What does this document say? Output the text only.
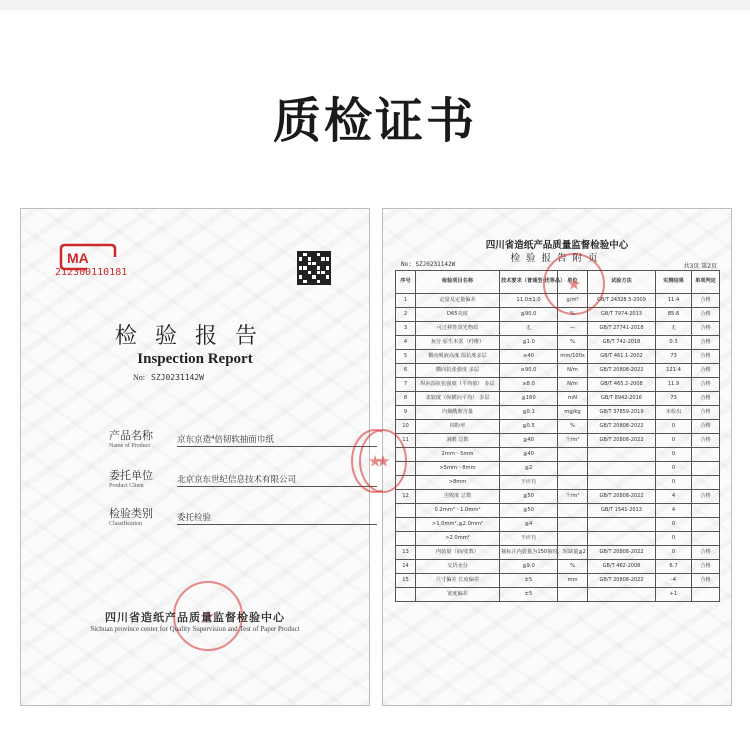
质检证书
MA
212300110181
检验报告
Inspection Report
No: SZJ0231142W
产品名称
Name of Product
京东京造⁴倍韧软抽面巾纸
委托单位
Product Client
北京京东世纪信息技术有限公司
检验类别
Classification
委托检验
★
★
四川省造纸产品质量监督检验中心
Sichuan province center for Quality Supervision and Test of Paper Product
四川省造纸产品质量监督检验中心
检验报告附页
No: SZJ0231142W	共3页 第2页
序号	检验项目名称	技术要求（普通型·优等品）	单位	试验方法	实测结果	单项判定
1	定量及定量偏差	11.0±1.0	g/m²	GB/T 24328.5-2009	11.4	合格
2	D65亮度	≦90.0	%	GB/T 7974-2013	85.6	合格
3	可迁移性荧光物质	无	—	GB/T 27741-2018	无	合格
4	灰分 原生木浆（纤维）	≦1.0	%	GB/T 742-2018	0.3	合格
5	横向吸液高度 湿抗度多层	≥40	mm/100s	GB/T 461.1-2002	73	合格
6	横向抗张强度 多层	≥90.0	N/m	GB/T 20808-2022	121.4	合格
7	纵向湿抗张强度（平均值） 多层	≥8.0	N/m	GB/T 465.2-2008	11.9	合格
8	柔软度（纵横向平均） 多层	≦160	mN	GB/T 8942-2016	73	合格
9	内烟酰胺含量	≦0.1	mg/kg	GB/T 37859-2019	未检出	合格
10	掉粉率	≦0.5	%	GB/T 20808-2022	0	合格
11	洞眼 总数	≦40	个/m²	GB/T 20808-2022	0	合格
	2mm～5mm	≦40			0	
	>5mm～8mm	≦2			0	
	>8mm	不应有			0	
12	尘埃度 总数	≦50	个/m²	GB/T 20808-2022	4	合格
	0.2mm²～1.0mm²	≦50		GB/T 1541-2013	4	
	>1.0mm²,≦2.0mm²	≦4			0	
	>2.0mm²	不应有			0	
13	内装量（抽/张数）	抽标注内装量为150抽时，短缺量≦2		GB/T 20808-2022	0	合格
14	交货水分	≦9.0	%	GB/T 462-2008	6.7	合格
15	尺寸偏差 长度偏差	±5	mm	GB/T 20808-2022	-4	合格
	宽度偏差	±5			+1	
★
★
